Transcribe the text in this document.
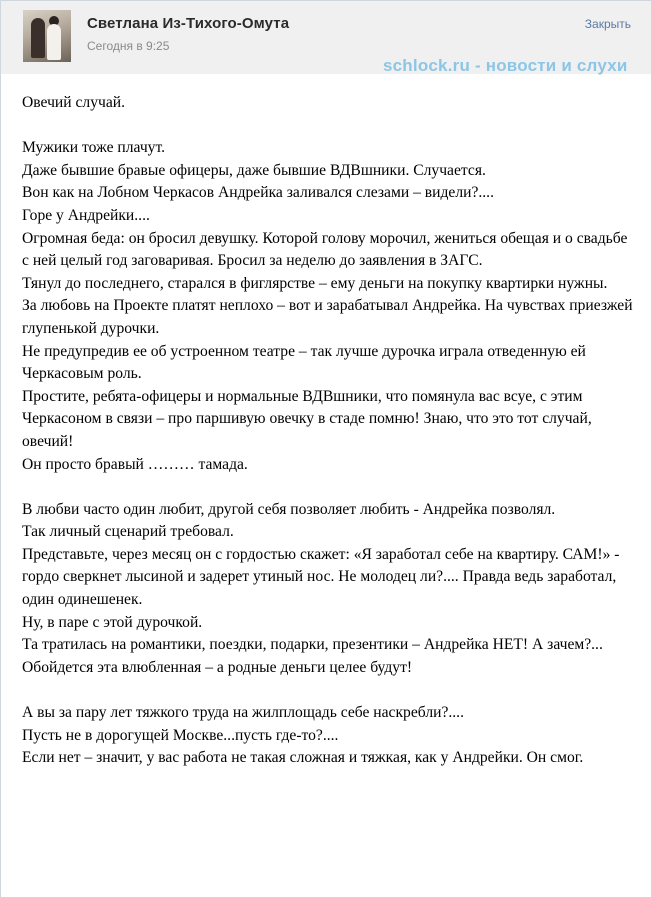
Светлана Из-Тихого-Омута
Сегодня в 9:25
Закрыть
schlock.ru - новости и слухи

Овечий случай.

Мужики тоже плачут.

Даже бывшие бравые офицеры, даже бывшие ВДВшники. Случается.

Вон как на Лобном Черкасов Андрейка заливался слезами – видели?....

Горе у Андрейки....

Огромная беда: он бросил девушку. Которой голову морочил, жениться обещая и о свадьбе с ней целый год заговаривая. Бросил за неделю до заявления в ЗАГС.

Тянул до последнего, старался в фиглярстве – ему деньги на покупку квартирки нужны.

За любовь на Проекте платят неплохо – вот и зарабатывал Андрейка. На чувствах приезжей глупенькой дурочки.

Не предупредив ее об устроенном театре – так лучше дурочка играла отведенную ей Черкасовым роль.

Простите, ребята-офицеры и нормальные ВДВшники, что помянула вас всуе, с этим Черкасоном в связи – про паршивую овечку в стаде помню! Знаю, что это тот случай, овечий!

Он просто бравый ……… тамада.

В любви часто один любит, другой себя позволяет любить - Андрейка позволял.

Так личный сценарий требовал.

Представьте, через месяц он с гордостью скажет: «Я заработал себе на квартиру. САМ!» - гордо сверкнет лысиной и задерет утиный нос. Не молодец ли?.... Правда ведь заработал, один одинешенек.

Ну, в паре с этой дурочкой.

Та тратилась на романтики, поездки, подарки, презентики – Андрейка НЕТ! А зачем?...

Обойдется эта влюбленная – а родные деньги целее будут!

А вы за пару лет тяжкого труда на жилплощадь себе наскребли?....

Пусть не в дорогущей Москве...пусть где-то?....

Если нет – значит, у вас работа не такая сложная и тяжкая, как у Андрейки. Он смог.
